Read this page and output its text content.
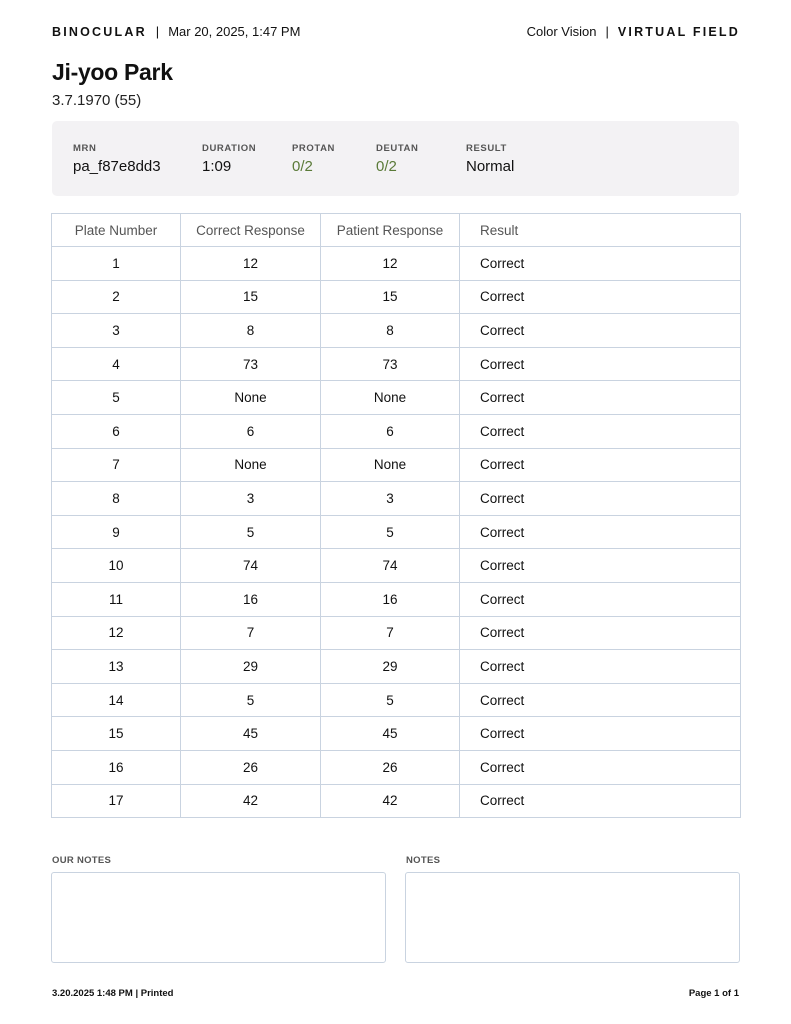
BINOCULAR | Mar 20, 2025, 1:47 PM	Color Vision | VIRTUAL FIELD
Ji-yoo Park
3.7.1970 (55)
MRN
pa_f87e8dd3
DURATION
1:09
PROTAN
0/2
DEUTAN
0/2
RESULT
Normal
Plate Number	Correct Response	Patient Response	Result
1	12	12	Correct
2	15	15	Correct
3	8	8	Correct
4	73	73	Correct
5	None	None	Correct
6	6	6	Correct
7	None	None	Correct
8	3	3	Correct
9	5	5	Correct
10	74	74	Correct
11	16	16	Correct
12	7	7	Correct
13	29	29	Correct
14	5	5	Correct
15	45	45	Correct
16	26	26	Correct
17	42	42	Correct
OUR NOTES	NOTES
3.20.2025 1:48 PM | Printed	Page 1 of 1
